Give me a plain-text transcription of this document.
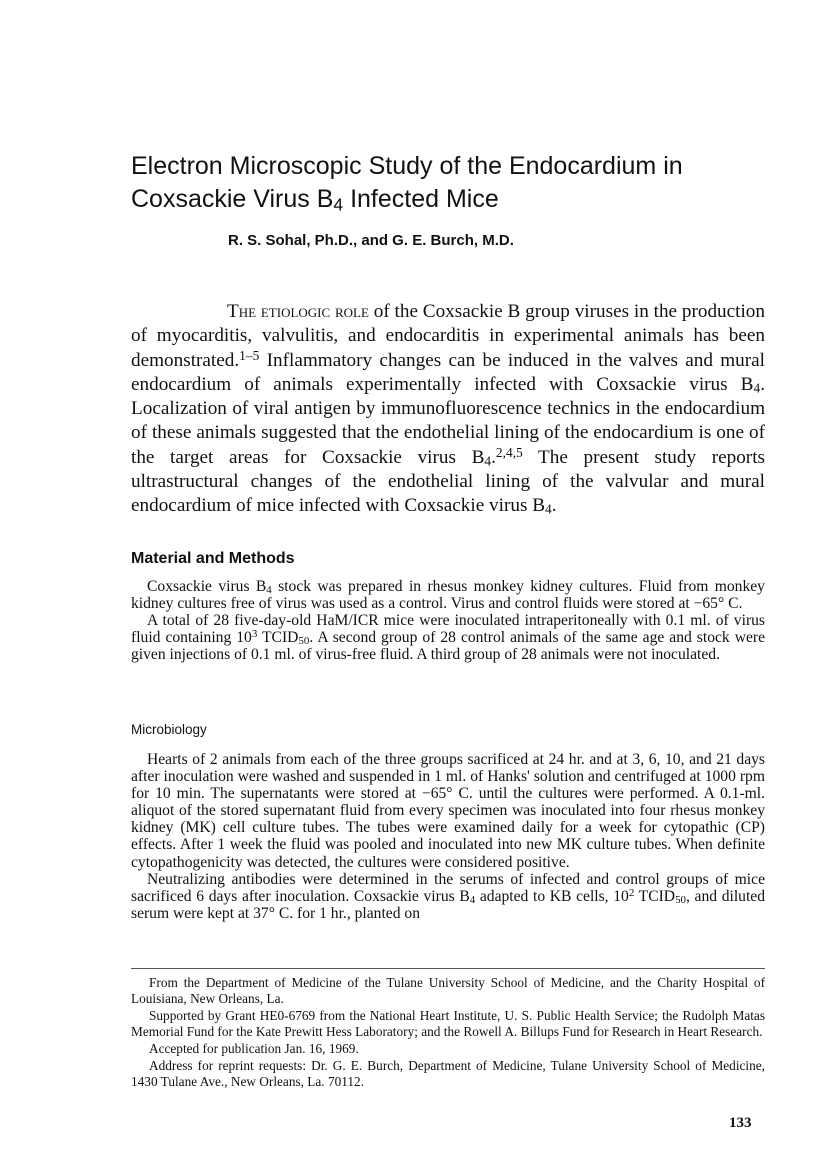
Electron Microscopic Study of the Endocardium in Coxsackie Virus $B_4$ Infected Mice
R. S. Sohal, Ph.D., and G. E. Burch, M.D.

The etiologic role of the Coxsackie B group viruses in the production of myocarditis, valvulitis, and endocarditis in experimental animals has been demonstrated.$^{1-5}$ Inflammatory changes can be induced in the valves and mural endocardium of animals experimentally infected with Coxsackie virus $B_4$. Localization of viral antigen by immunofluorescence technics in the endocardium of these animals suggested that the endothelial lining of the endocardium is one of the target areas for Coxsackie virus $B_4.^{2,4,5}$ The present study reports ultrastructural changes of the endothelial lining of the valvular and mural endocardium of mice infected with Coxsackie virus $B_4$.

Material and Methods

Coxsackie virus $B_4$ stock was prepared in rhesus monkey kidney cultures. Fluid from monkey kidney cultures free of virus was used as a control. Virus and control fluids were stored at −65° C.

A total of 28 five-day-old HaM/ICR mice were inoculated intraperitoneally with 0.1 ml. of virus fluid containing $10^3$ $TCID_{50}$. A second group of 28 control animals of the same age and stock were given injections of 0.1 ml. of virus-free fluid. A third group of 28 animals were not inoculated.

Microbiology

Hearts of 2 animals from each of the three groups sacrificed at 24 hr. and at 3, 6, 10, and 21 days after inoculation were washed and suspended in 1 ml. of Hanks' solution and centrifuged at 1000 rpm for 10 min. The supernatants were stored at −65° C. until the cultures were performed. A 0.1-ml. aliquot of the stored supernatant fluid from every specimen was inoculated into four rhesus monkey kidney (MK) cell culture tubes. The tubes were examined daily for a week for cytopathic (CP) effects. After 1 week the fluid was pooled and inoculated into new MK culture tubes. When definite cytopathogenicity was detected, the cultures were considered positive.

Neutralizing antibodies were determined in the serums of infected and control groups of mice sacrificed 6 days after inoculation. Coxsackie virus $B_4$ adapted to KB cells, $10^2$ $TCID_{50}$, and diluted serum were kept at 37° C. for 1 hr., planted on

From the Department of Medicine of the Tulane University School of Medicine, and the Charity Hospital of Louisiana, New Orleans, La.

Supported by Grant HE0-6769 from the National Heart Institute, U. S. Public Health Service; the Rudolph Matas Memorial Fund for the Kate Prewitt Hess Laboratory; and the Rowell A. Billups Fund for Research in Heart Research.

Accepted for publication Jan. 16, 1969.

Address for reprint requests: Dr. G. E. Burch, Department of Medicine, Tulane University School of Medicine, 1430 Tulane Ave., New Orleans, La. 70112.

133
